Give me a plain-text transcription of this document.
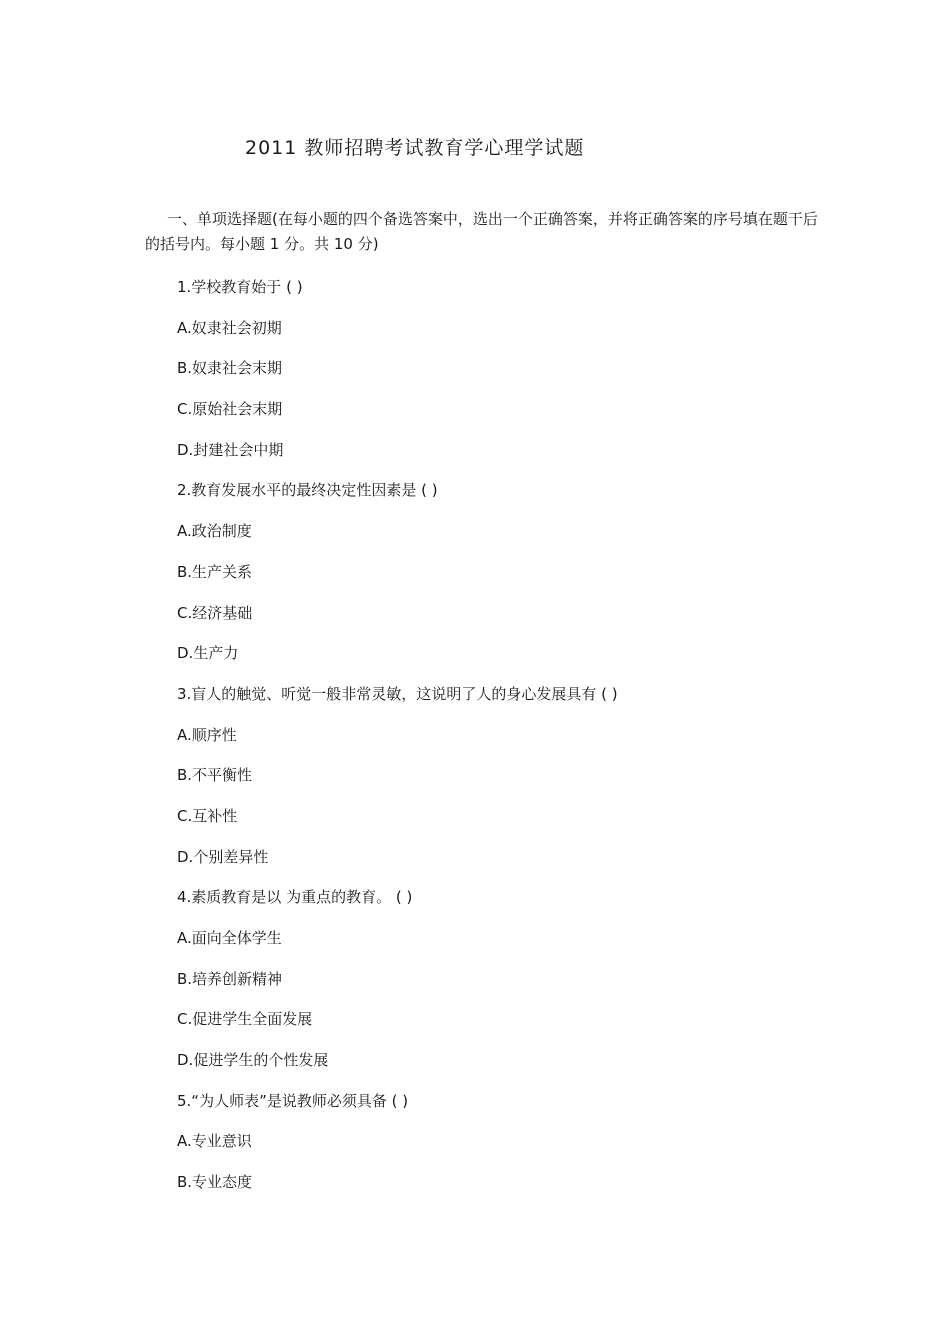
2011 教师招聘考试教育学心理学试题
一、单项选择题(在每小题的四个备选答案中，选出一个正确答案，并将正确答案的序号填在题干后的括号内。每小题 1 分。共 10 分)
1.学校教育始于 ( )
A.奴隶社会初期
B.奴隶社会末期
C.原始社会末期
D.封建社会中期
2.教育发展水平的最终决定性因素是 ( )
A.政治制度
B.生产关系
C.经济基础
D.生产力
3.盲人的触觉、听觉一般非常灵敏，这说明了人的身心发展具有 ( )
A.顺序性
B.不平衡性
C.互补性
D.个别差异性
4.素质教育是以 为重点的教育。 ( )
A.面向全体学生
B.培养创新精神
C.促进学生全面发展
D.促进学生的个性发展
5.“为人师表”是说教师必须具备 ( )
A.专业意识
B.专业态度
